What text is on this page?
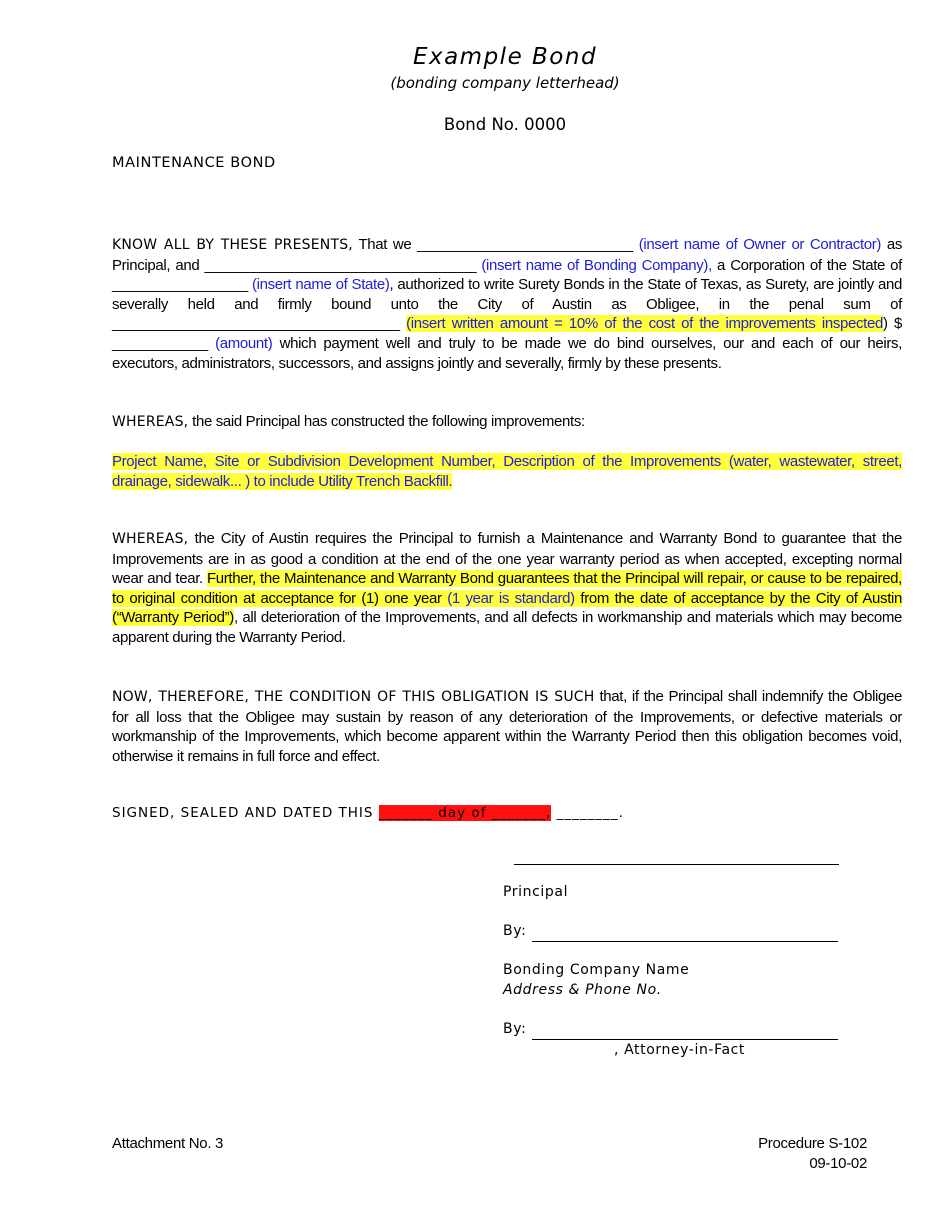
Example Bond
(bonding company letterhead)
Bond No. 0000
MAINTENANCE BOND
KNOW ALL BY THESE PRESENTS, That we ___________________________ (insert name of Owner or Contractor) as Principal, and __________________________________ (insert name of Bonding Company), a Corporation of the State of _________________ (insert name of State), authorized to write Surety Bonds in the State of Texas, as Surety, are jointly and severally held and firmly bound unto the City of Austin as Obligee, in the penal sum of ____________________________________ (insert written amount = 10% of the cost of the improvements inspected) $ ____________ (amount) which payment well and truly to be made we do bind ourselves, our and each of our heirs, executors, administrators, successors, and assigns jointly and severally, firmly by these presents.
WHEREAS, the said Principal has constructed the following improvements:
Project Name, Site or Subdivision Development Number, Description of the Improvements (water, wastewater, street, drainage, sidewalk... ) to include Utility Trench Backfill.
WHEREAS, the City of Austin requires the Principal to furnish a Maintenance and Warranty Bond to guarantee that the Improvements are in as good a condition at the end of the one year warranty period as when accepted, excepting normal wear and tear. Further, the Maintenance and Warranty Bond guarantees that the Principal will repair, or cause to be repaired, to original condition at acceptance for (1) one year (1 year is standard) from the date of acceptance by the City of Austin (“Warranty Period”), all deterioration of the Improvements, and all defects in workmanship and materials which may become apparent during the Warranty Period.
NOW, THEREFORE, THE CONDITION OF THIS OBLIGATION IS SUCH that, if the Principal shall indemnify the Obligee for all loss that the Obligee may sustain by reason of any deterioration of the Improvements, or defective materials or workmanship of the Improvements, which become apparent within the Warranty Period then this obligation becomes void, otherwise it remains in full force and effect.
SIGNED, SEALED AND DATED THIS _______ day of _______, ________.
Principal
By:
Bonding Company Name
Address & Phone No.
By:
, Attorney-in-Fact
Attachment No. 3	Procedure S-102
09-10-02
